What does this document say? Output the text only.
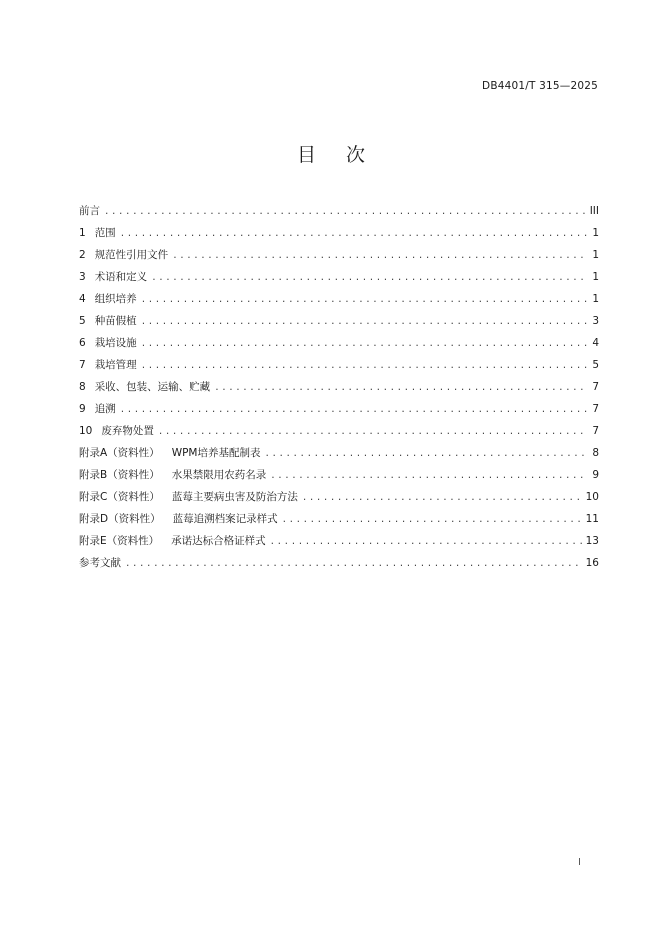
DB4401/T 315—2025
目次
前言 .....	III
1 范围 .....	1
2 规范性引用文件 .....	1
3 术语和定义 .....	1
4 组织培养 .....	1
5 种苗假植 .....	3
6 栽培设施 .....	4
7 栽培管理 .....	5
8 采收、包装、运输、贮藏 .....	7
9 追溯 .....	7
10 废弃物处置 .....	7
附录A（资料性） WPM培养基配制表 .....	8
附录B（资料性） 水果禁限用农药名录 .....	9
附录C（资料性） 蓝莓主要病虫害及防治方法 .....	10
附录D（资料性） 蓝莓追溯档案记录样式 .....	11
附录E（资料性） 承诺达标合格证样式 .....	13
参考文献 .....	16
I
